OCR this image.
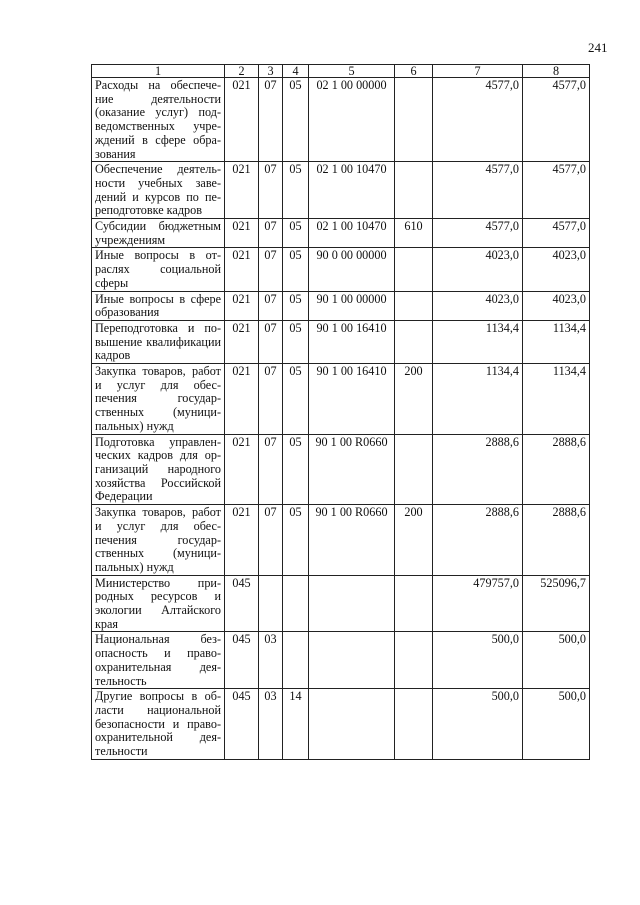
241
1	2	3	4	5	6	7	8
Расходы на обеспечение деятельности (оказание услуг) подведомственных учреждений в сфере образования	021	07	05	02 1 00 00000		4577,0	4577,0
Обеспечение деятельности учебных заведений и курсов по переподготовке кадров	021	07	05	02 1 00 10470		4577,0	4577,0
Субсидии бюджетным учреждениям	021	07	05	02 1 00 10470	610	4577,0	4577,0
Иные вопросы в отраслях социальной сферы	021	07	05	90 0 00 00000		4023,0	4023,0
Иные вопросы в сфере образования	021	07	05	90 1 00 00000		4023,0	4023,0
Переподготовка и повышение квалификации кадров	021	07	05	90 1 00 16410		1134,4	1134,4
Закупка товаров, работ и услуг для обеспечения государственных (муниципальных) нужд	021	07	05	90 1 00 16410	200	1134,4	1134,4
Подготовка управленческих кадров для организаций народного хозяйства Российской Федерации	021	07	05	90 1 00 R0660		2888,6	2888,6
Закупка товаров, работ и услуг для обеспечения государственных (муниципальных) нужд	021	07	05	90 1 00 R0660	200	2888,6	2888,6
Министерство природных ресурсов и экологии Алтайского края	045					479757,0	525096,7
Национальная безопасность и правоохранительная деятельность	045	03				500,0	500,0
Другие вопросы в области национальной безопасности и правоохранительной деятельности	045	03	14			500,0	500,0
